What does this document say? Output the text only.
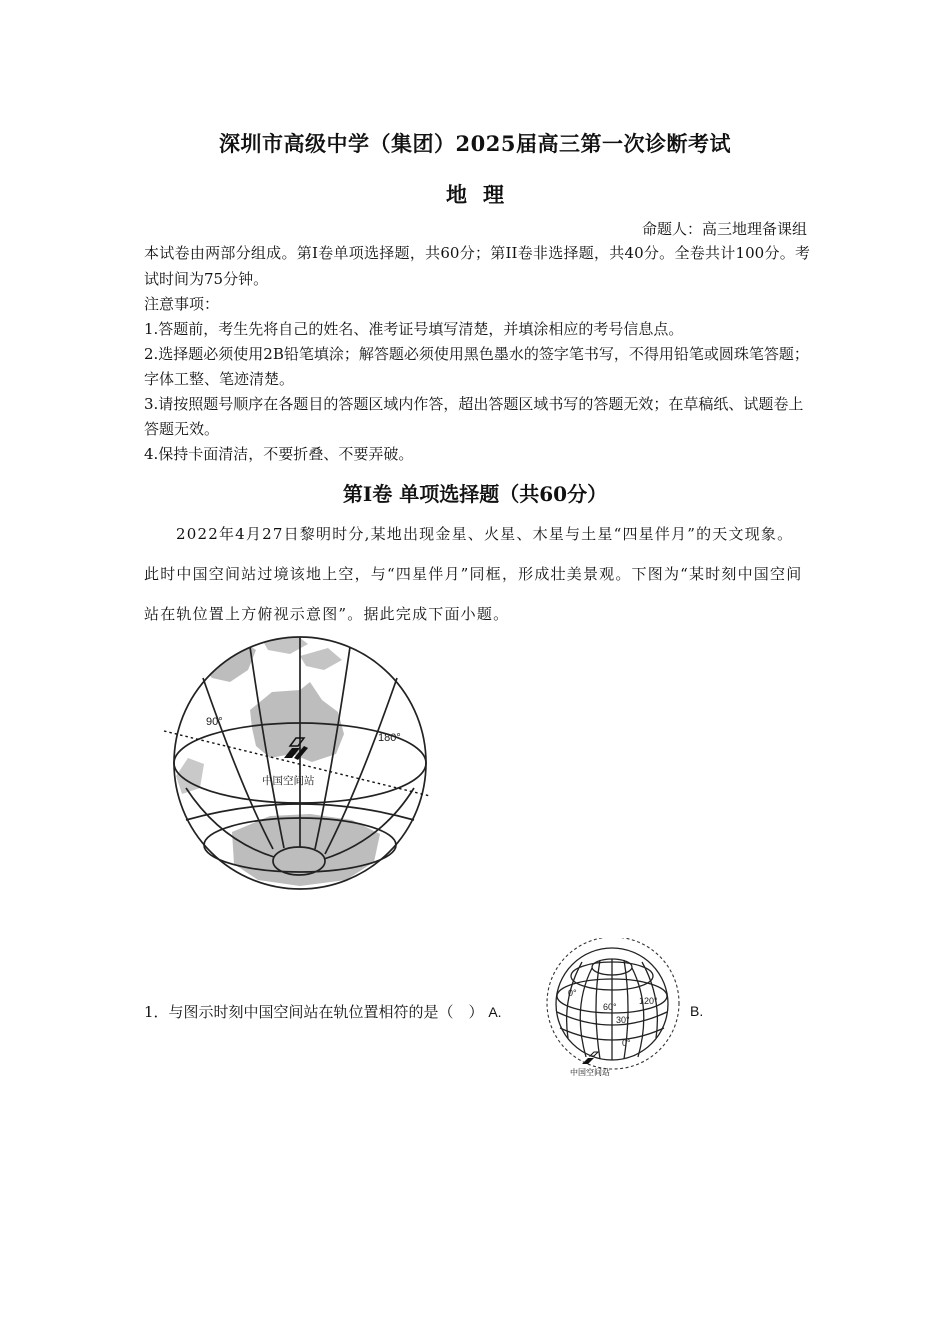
深圳市高级中学（集团）2025届高三第一次诊断考试
地理
命题人：高三地理备课组
本试卷由两部分组成。第I卷单项选择题，共60分；第II卷非选择题，共40分。全卷共计100分。考试时间为75分钟。

注意事项：

1.答题前，考生先将自己的姓名、准考证号填写清楚，并填涂相应的考号信息点。

2.选择题必须使用2B铅笔填涂；解答题必须使用黑色墨水的签字笔书写，不得用铅笔或圆珠笔答题；字体工整、笔迹清楚。

3.请按照题号顺序在各题目的答题区域内作答，超出答题区域书写的答题无效；在草稿纸、试题卷上答题无效。

4.保持卡面清洁，不要折叠、不要弄破。

第I卷 单项选择题（共60分）
2022年4月27日黎明时分,某地出现金星、火星、木星与土星“四星伴月”的天文现象。此时中国空间站过境该地上空，与“四星伴月”同框，形成壮美景观。下图为“某时刻中国空间站在轨位置上方俯视示意图”。据此完成下面小题。
90°
180°
中国空间站
1．与图示时刻中国空间站在轨位置相符的是（　） A.
0°
120°
60°
30°
0°
中国空间站
B.
